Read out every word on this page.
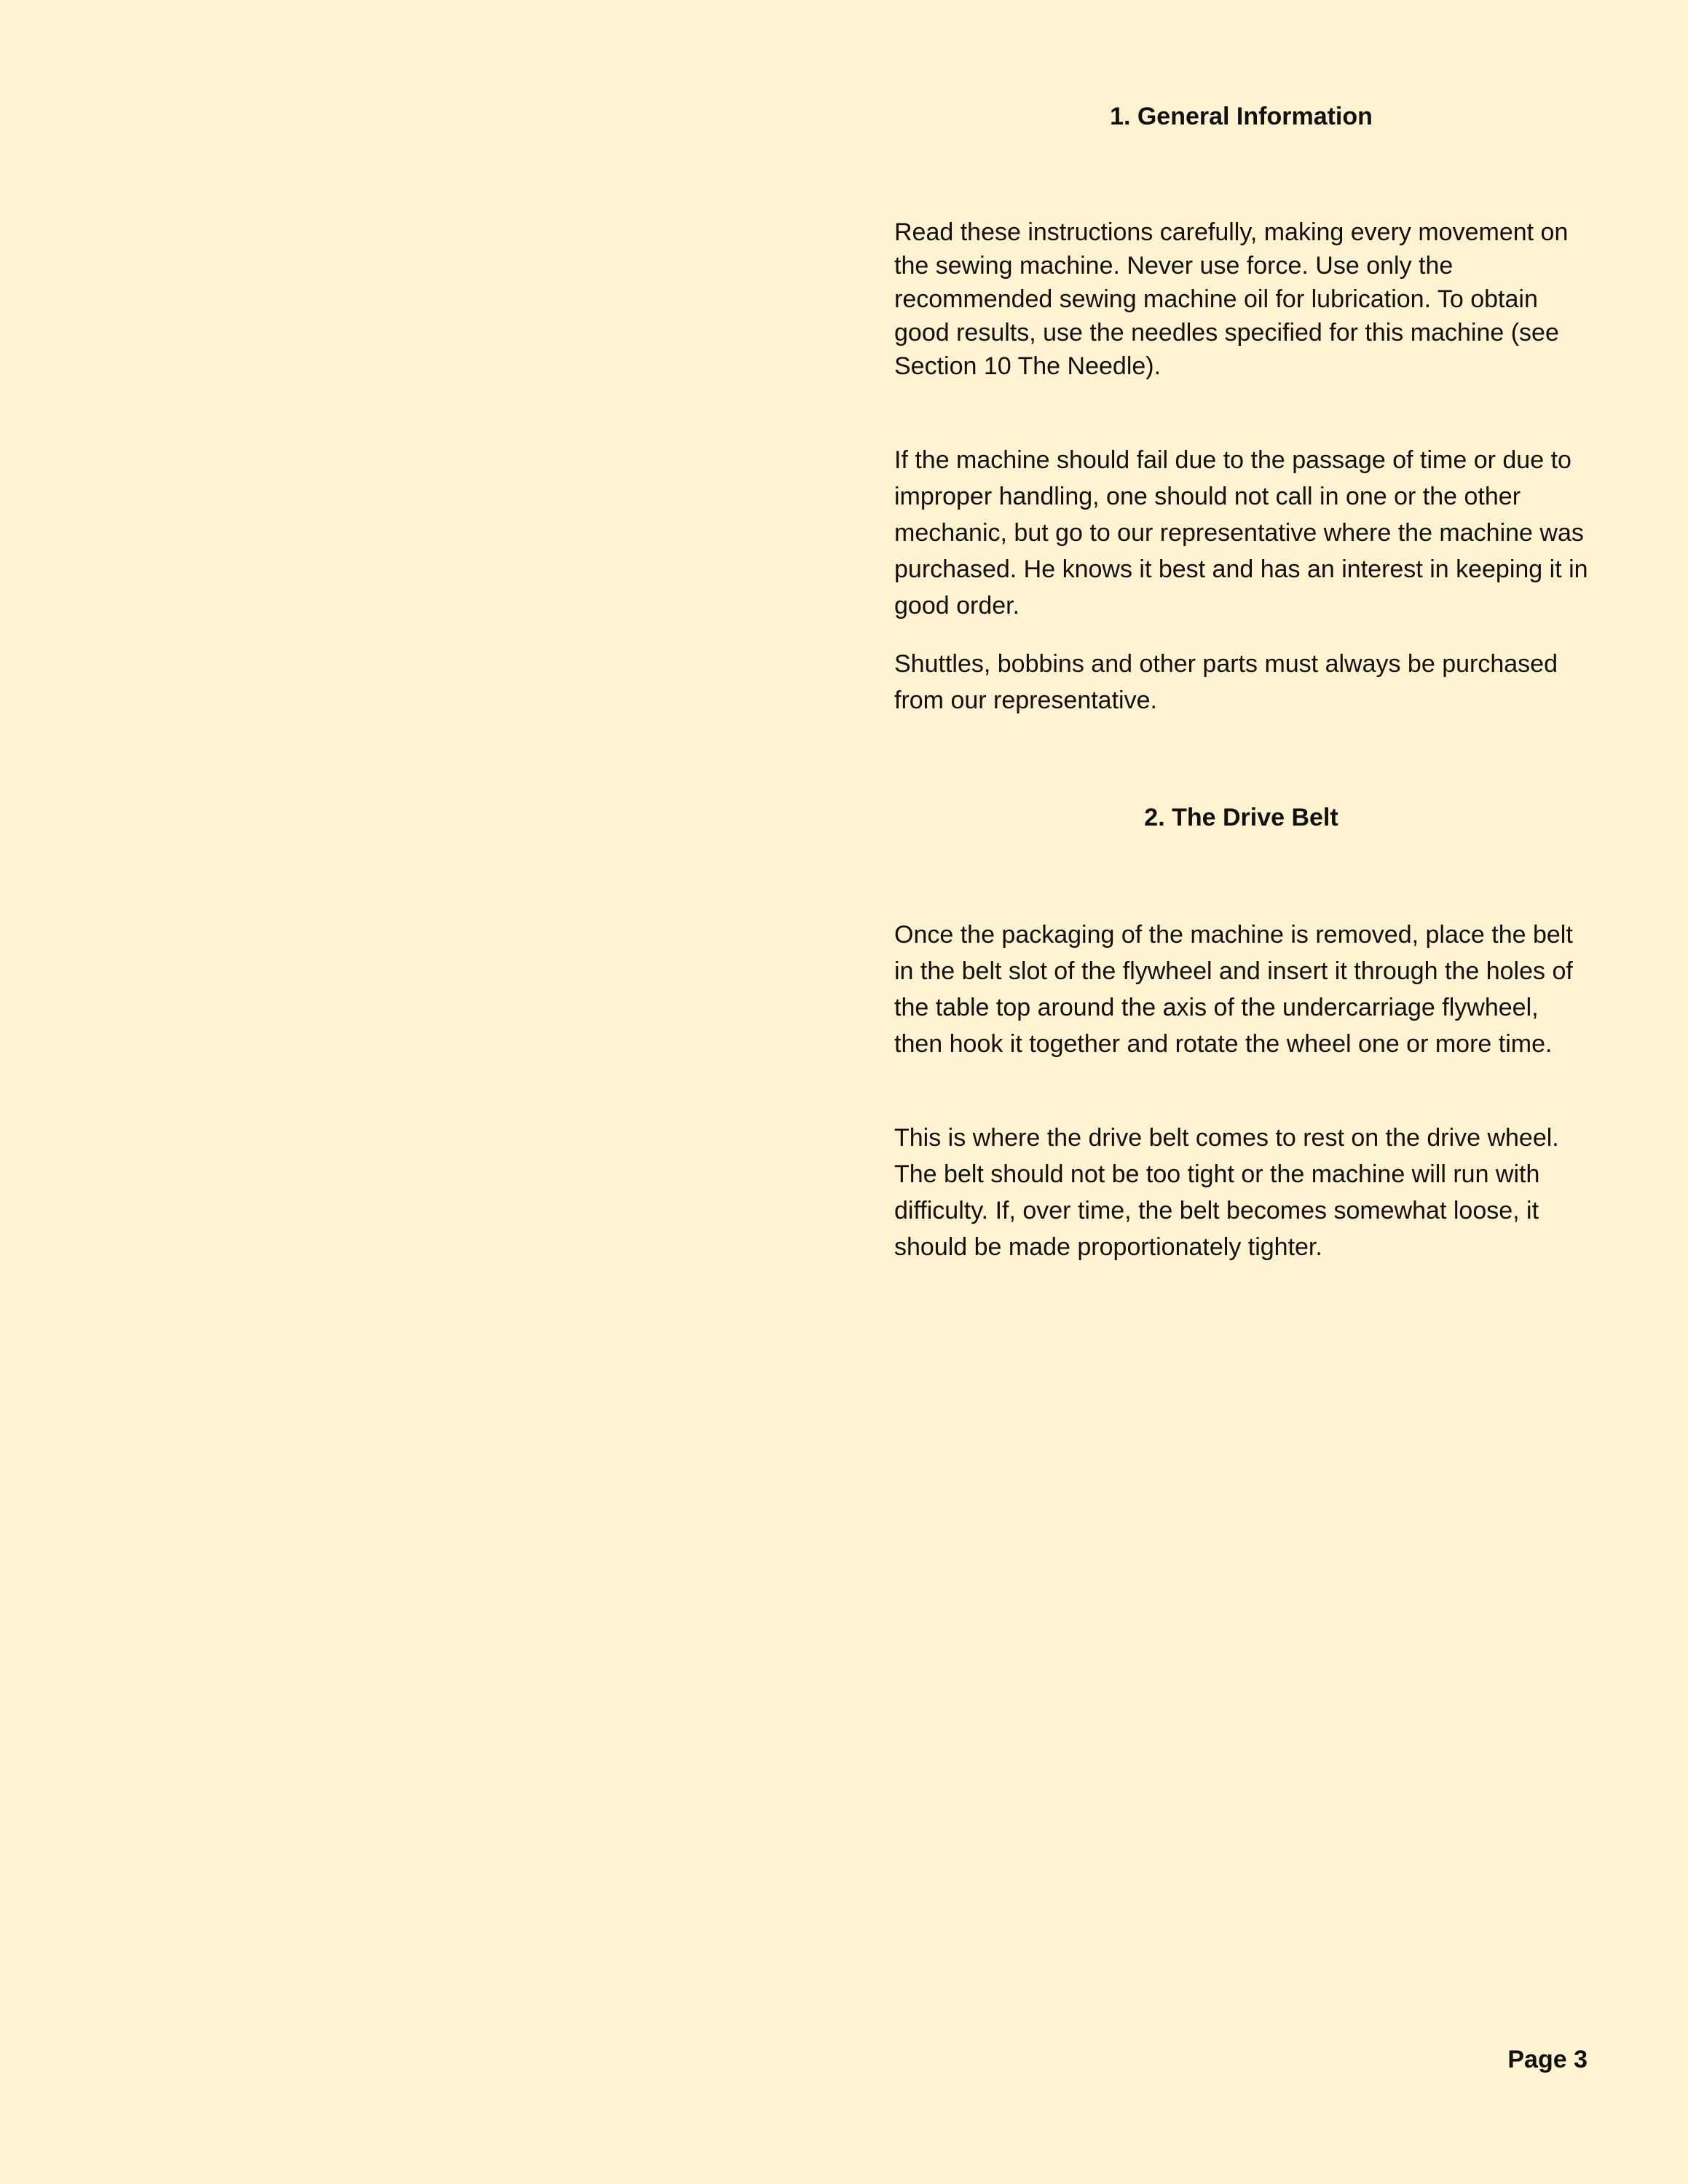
1. General Information

Read these instructions carefully, making every movement on the sewing machine. Never use force. Use only the recommended sewing machine oil for lubrication. To obtain good results, use the needles specified for this machine (see Section 10 The Needle).

If the machine should fail due to the passage of time or due to improper handling, one should not call in one or the other mechanic, but go to our representative where the machine was purchased. He knows it best and has an interest in keeping it in good order.

Shuttles, bobbins and other parts must always be purchased from our representative.

2. The Drive Belt

Once the packaging of the machine is removed, place the belt in the belt slot of the flywheel and insert it through the holes of the table top around the axis of the undercarriage flywheel, then hook it together and rotate the wheel one or more time.

This is where the drive belt comes to rest on the drive wheel. The belt should not be too tight or the machine will run with difficulty. If, over time, the belt becomes somewhat loose, it should be made proportionately tighter.

Page 3
